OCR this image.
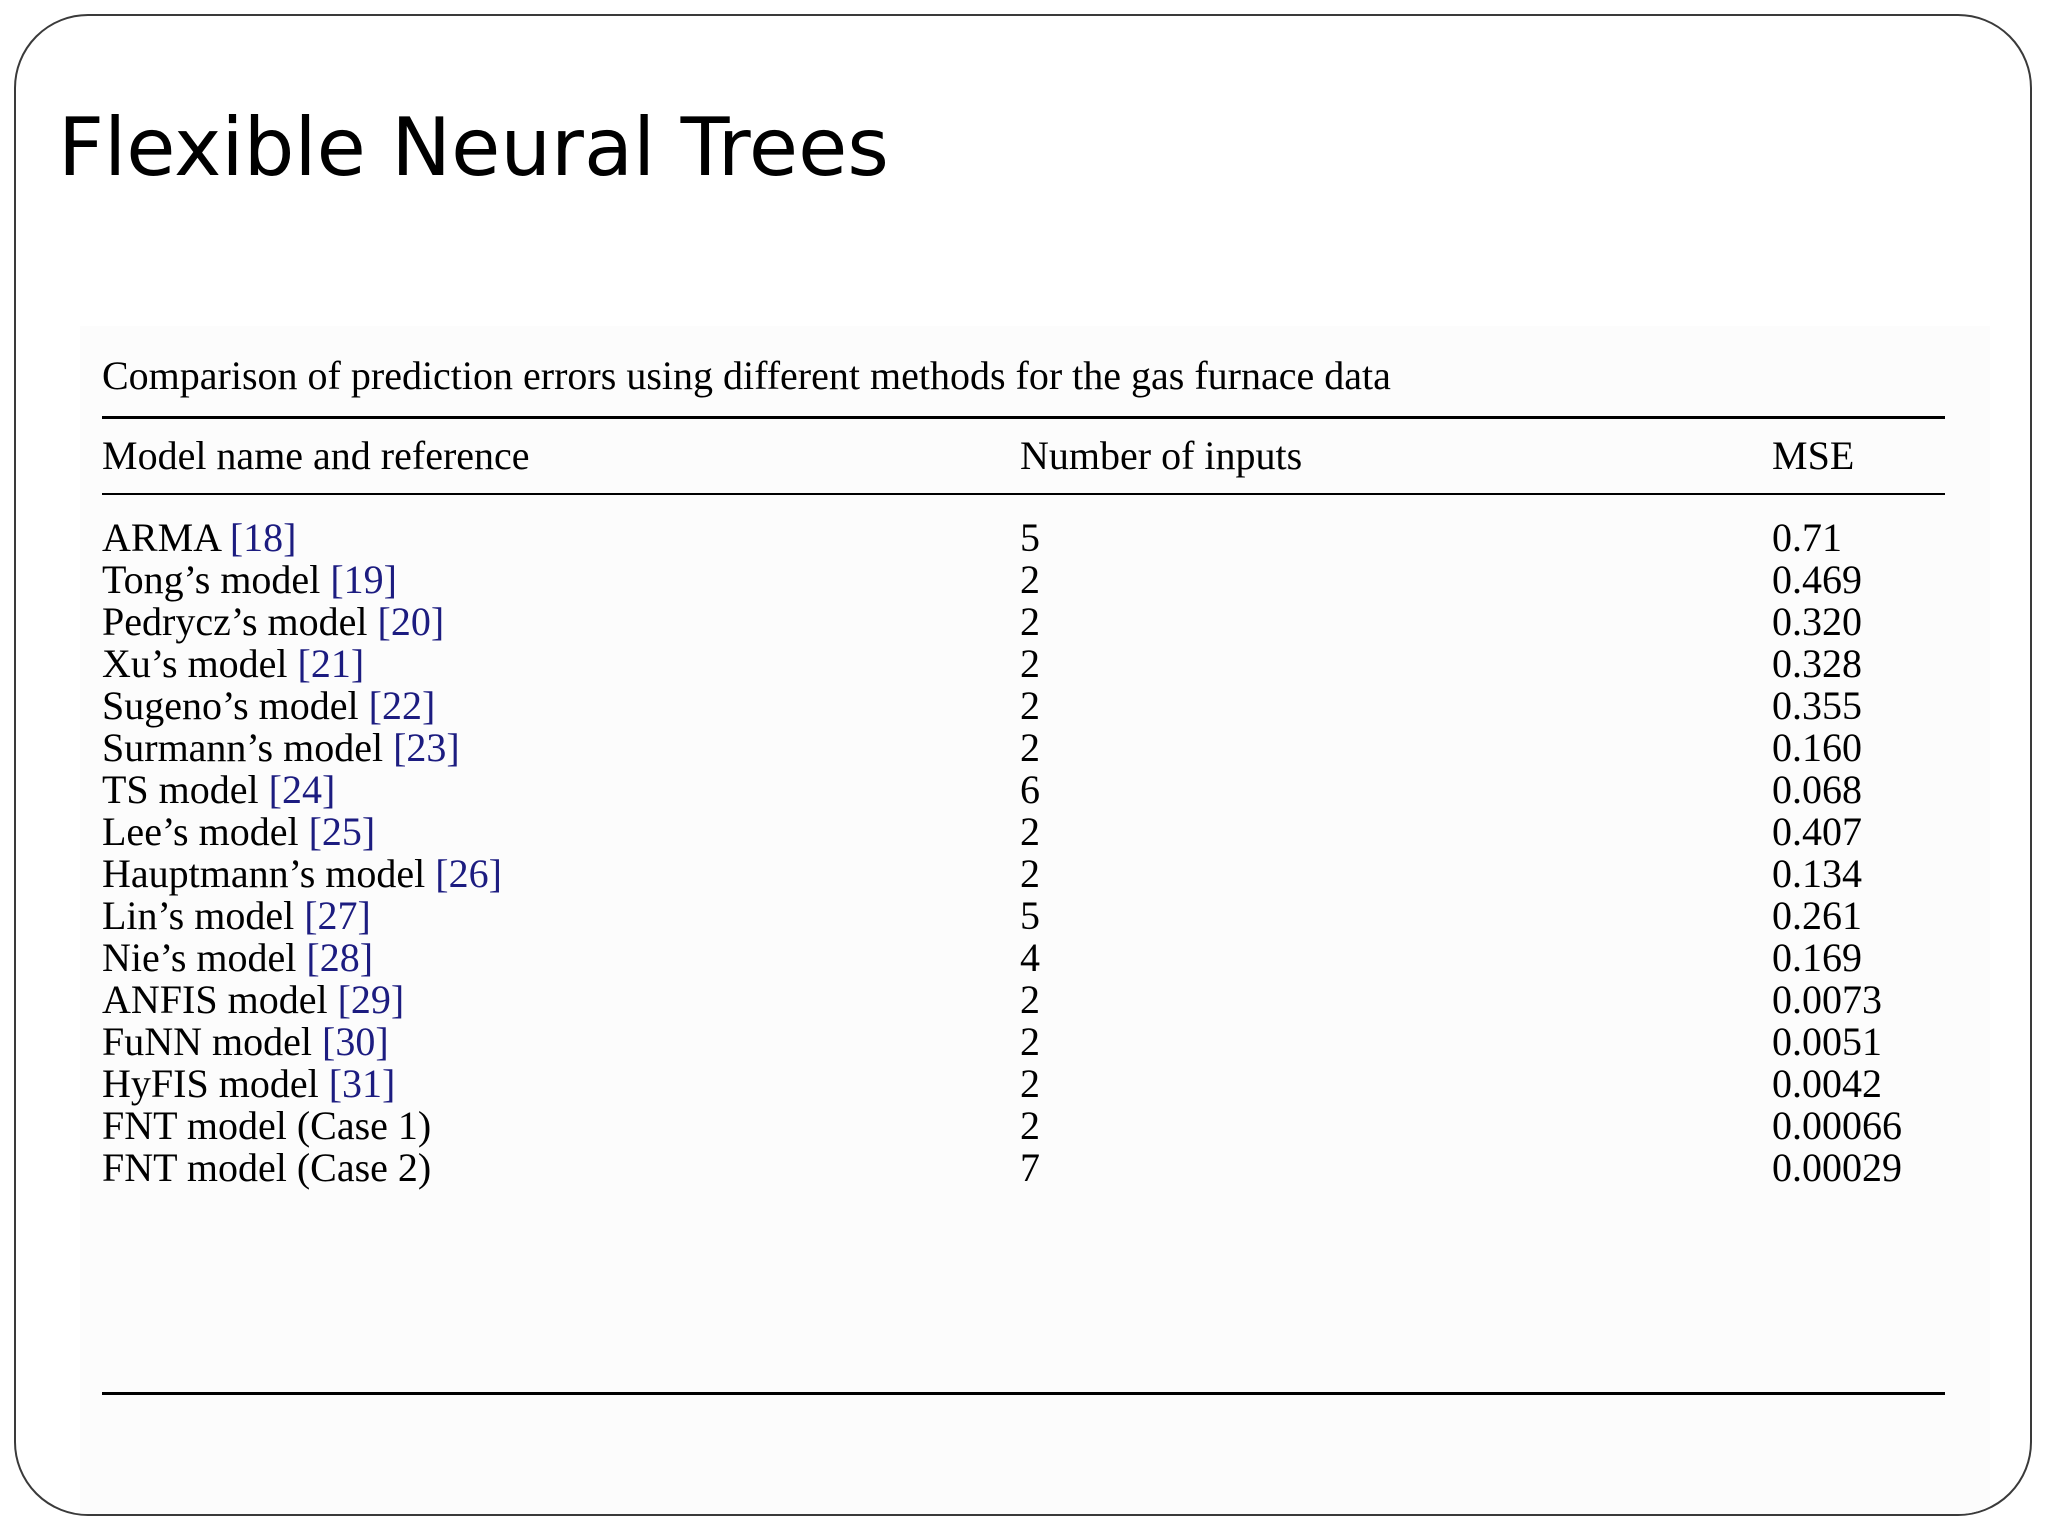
Flexible Neural Trees

Comparison of prediction errors using different methods for the gas furnace data

Model name and reference	Number of inputs	MSE
ARMA [18]	5	0.71
Tong’s model [19]	2	0.469
Pedrycz’s model [20]	2	0.320
Xu’s model [21]	2	0.328
Sugeno’s model [22]	2	0.355
Surmann’s model [23]	2	0.160
TS model [24]	6	0.068
Lee’s model [25]	2	0.407
Hauptmann’s model [26]	2	0.134
Lin’s model [27]	5	0.261
Nie’s model [28]	4	0.169
ANFIS model [29]	2	0.0073
FuNN model [30]	2	0.0051
HyFIS model [31]	2	0.0042
FNT model (Case 1)	2	0.00066
FNT model (Case 2)	7	0.00029
